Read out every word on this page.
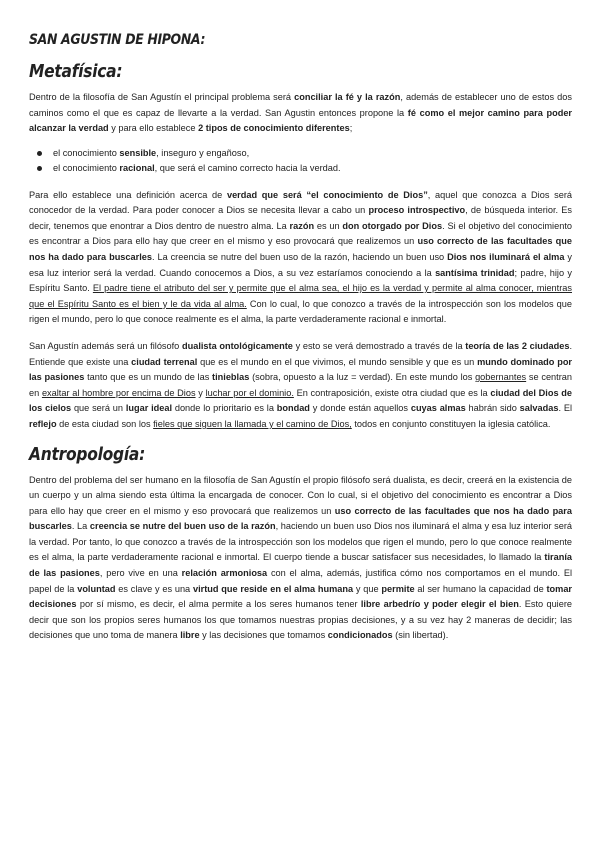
SAN AGUSTIN DE HIPONA:
Metafísica:

Dentro de la filosofía de San Agustín el principal problema será conciliar la fé y la razón, además de establecer uno de estos dos caminos como el que es capaz de llevarte a la verdad. San Agustin entonces propone la fé como el mejor camino para poder alcanzar la verdad y para ello establece 2 tipos de conocimiento diferentes;

el conocimiento sensible, inseguro y engañoso,
el conocimiento racional, que será el camino correcto hacia la verdad.

Para ello establece una definición acerca de verdad que será “el conocimiento de Dios”, aquel que conozca a Dios será conocedor de la verdad. Para poder conocer a Dios se necesita llevar a cabo un proceso introspectivo, de búsqueda interior. Es decir, tenemos que enontrar a Dios dentro de nuestro alma. La razón es un don otorgado por Dios. Si el objetivo del conocimiento es encontrar a Dios para ello hay que creer en el mismo y eso provocará que realizemos un uso correcto de las facultades que nos ha dado para buscarles. La creencia se nutre del buen uso de la razón, haciendo un buen uso Dios nos iluminará el alma y esa luz interior será la verdad. Cuando conocemos a Dios, a su vez estaríamos conociendo a la santísima trinidad; padre, hijo y Espíritu Santo. El padre tiene el atributo del ser y permite que el alma sea, el hijo es la verdad y permite al alma conocer, mientras que el Espíritu Santo es el bien y le da vida al alma. Con lo cual, lo que conozco a través de la introspección son los modelos que rigen el mundo, pero lo que conoce realmente es el alma, la parte verdaderamente racional e inmortal.

San Agustín además será un filósofo dualista ontológicamente y esto se verá demostrado a través de la teoría de las 2 ciudades. Entiende que existe una ciudad terrenal que es el mundo en el que vivimos, el mundo sensible y que es un mundo dominado por las pasiones tanto que es un mundo de las tinieblas (sobra, opuesto a la luz = verdad). En este mundo los gobernantes se centran en exaltar al hombre por encima de Dios y luchar por el dominio. En contraposición, existe otra ciudad que es la ciudad del Dios de los cielos que será un lugar ideal donde lo prioritario es la bondad y donde están aquellos cuyas almas habrán sido salvadas. El reflejo de esta ciudad son los fieles que siguen la llamada y el camino de Dios, todos en conjunto constituyen la iglesia católica.

Antropología:

Dentro del problema del ser humano en la filosofía de San Agustín el propio filósofo será dualista, es decir, creerá en la existencia de un cuerpo y un alma siendo esta última la encargada de conocer. Con lo cual, si el objetivo del conocimiento es encontrar a Dios para ello hay que creer en el mismo y eso provocará que realizemos un uso correcto de las facultades que nos ha dado para buscarles. La creencia se nutre del buen uso de la razón, haciendo un buen uso Dios nos iluminará el alma y esa luz interior será la verdad. Por tanto, lo que conozco a través de la introspección son los modelos que rigen el mundo, pero lo que conoce realmente es el alma, la parte verdaderamente racional e inmortal. El cuerpo tiende a buscar satisfacer sus necesidades, lo llamado la tiranía de las pasiones, pero vive en una relación armoniosa con el alma, además, justifica cómo nos comportamos en el mundo. El papel de la voluntad es clave y es una virtud que reside en el alma humana y que permite al ser humano la capacidad de tomar decisiones por sí mismo, es decir, el alma permite a los seres humanos tener libre arbedrío y poder elegir el bien. Esto quiere decir que son los propios seres humanos los que tomamos nuestras propias decisiones, y a su vez hay 2 maneras de decidir; las decisiones que uno toma de manera libre y las decisiones que tomamos condicionados (sin libertad).
